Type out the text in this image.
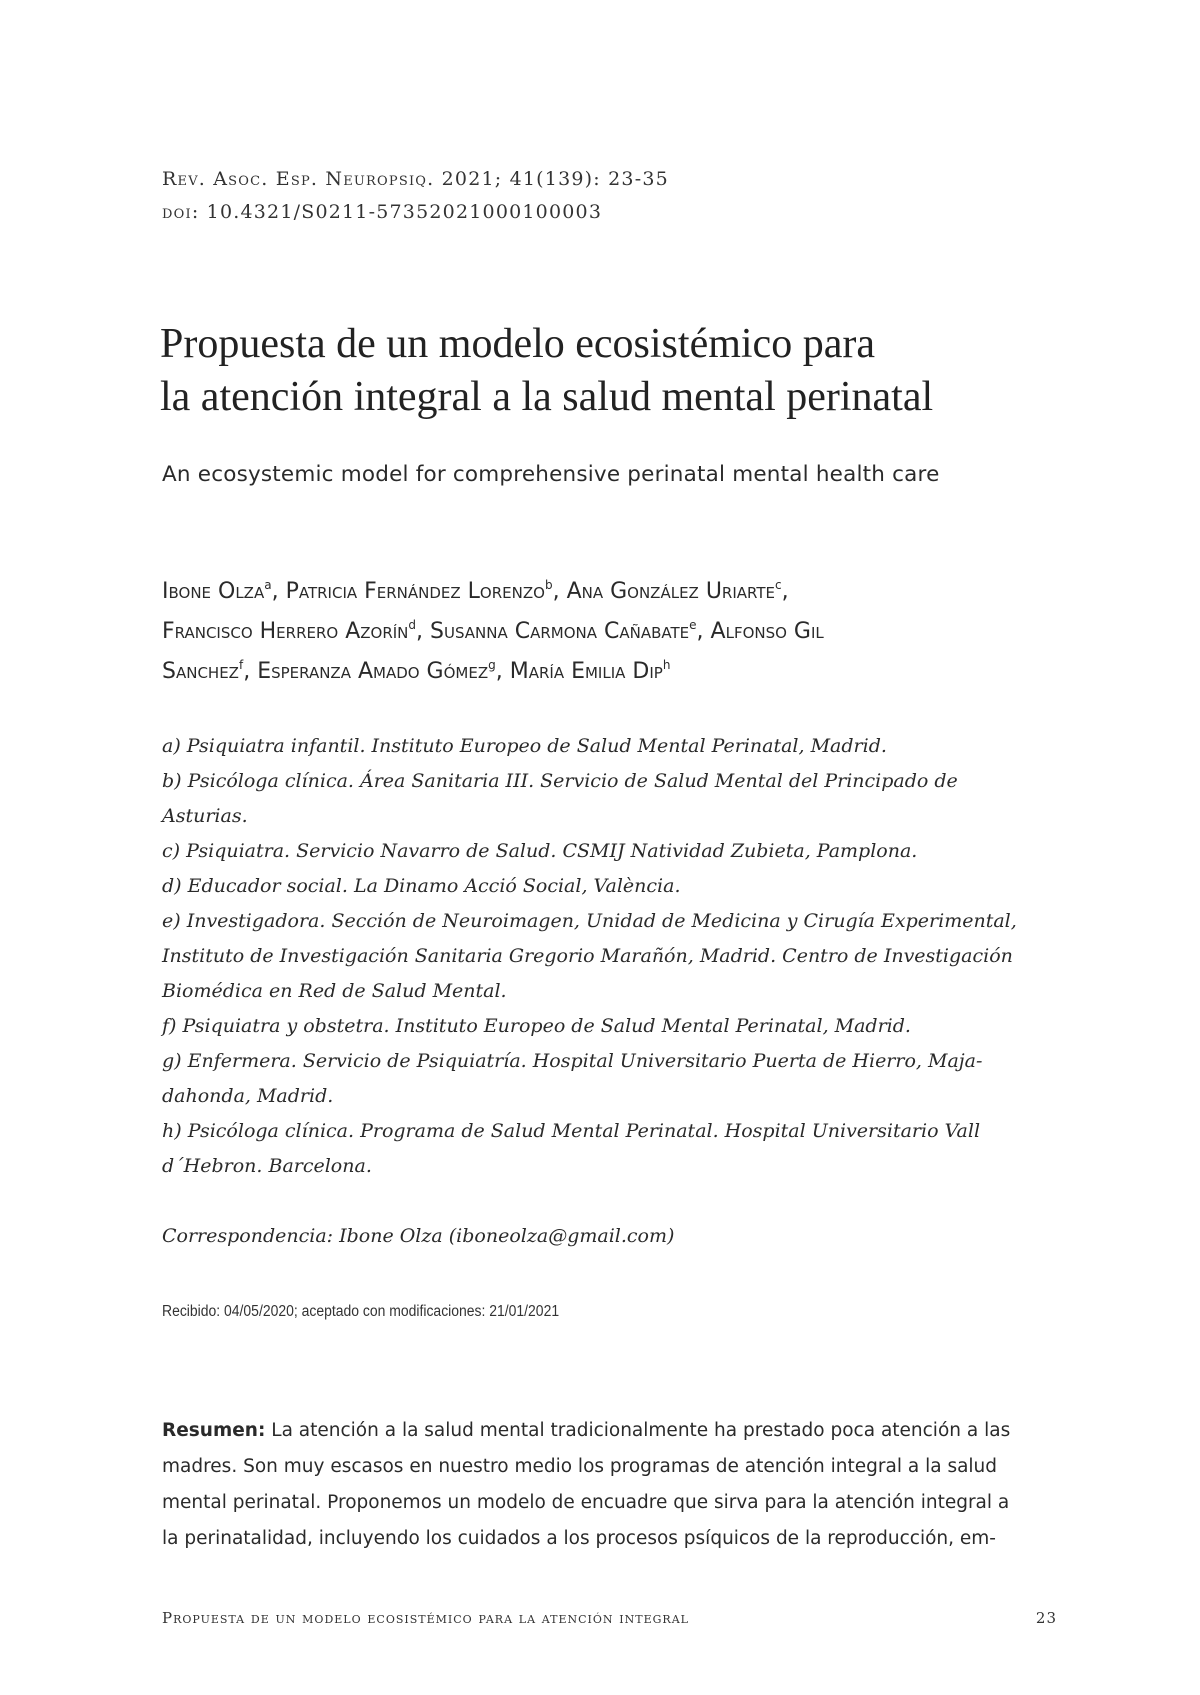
Rev. Asoc. Esp. Neuropsiq. 2021; 41(139): 23-35
doi: 10.4321/S0211-57352021000100003
Propuesta de un modelo ecosistémico para
la atención integral a la salud mental perinatal
An ecosystemic model for comprehensive perinatal mental health care
Ibone Olza$^a$, Patricia Fernández Lorenzo$^b$, Ana González Uriarte$^c$,
Francisco Herrero Azorín$^d$, Susanna Carmona Cañabate$^e$, Alfonso Gil
Sanchez$^f$, Esperanza Amado Gómez$^g$, María Emilia Dip$^h$
a) Psiquiatra infantil. Instituto Europeo de Salud Mental Perinatal, Madrid.
b) Psicóloga clínica. Área Sanitaria III. Servicio de Salud Mental del Principado de
Asturias.
c) Psiquiatra. Servicio Navarro de Salud. CSMIJ Natividad Zubieta, Pamplona.
d) Educador social. La Dinamo Acció Social, València.
e) Investigadora. Sección de Neuroimagen, Unidad de Medicina y Cirugía Experimental,
Instituto de Investigación Sanitaria Gregorio Marañón, Madrid. Centro de Investigación
Biomédica en Red de Salud Mental.
f) Psiquiatra y obstetra. Instituto Europeo de Salud Mental Perinatal, Madrid.
g) Enfermera. Servicio de Psiquiatría. Hospital Universitario Puerta de Hierro, Maja-
dahonda, Madrid.
h) Psicóloga clínica. Programa de Salud Mental Perinatal. Hospital Universitario Vall
d´Hebron. Barcelona.
Correspondencia: Ibone Olza (iboneolza@gmail.com)
Recibido: 04/05/2020; aceptado con modificaciones: 21/01/2021
Resumen: La atención a la salud mental tradicionalmente ha prestado poca atención a las
madres. Son muy escasos en nuestro medio los programas de atención integral a la salud
mental perinatal. Proponemos un modelo de encuadre que sirva para la atención integral a
la perinatalidad, incluyendo los cuidados a los procesos psíquicos de la reproducción, em-
Propuesta de un modelo ecosistémico para la atención integral	23
